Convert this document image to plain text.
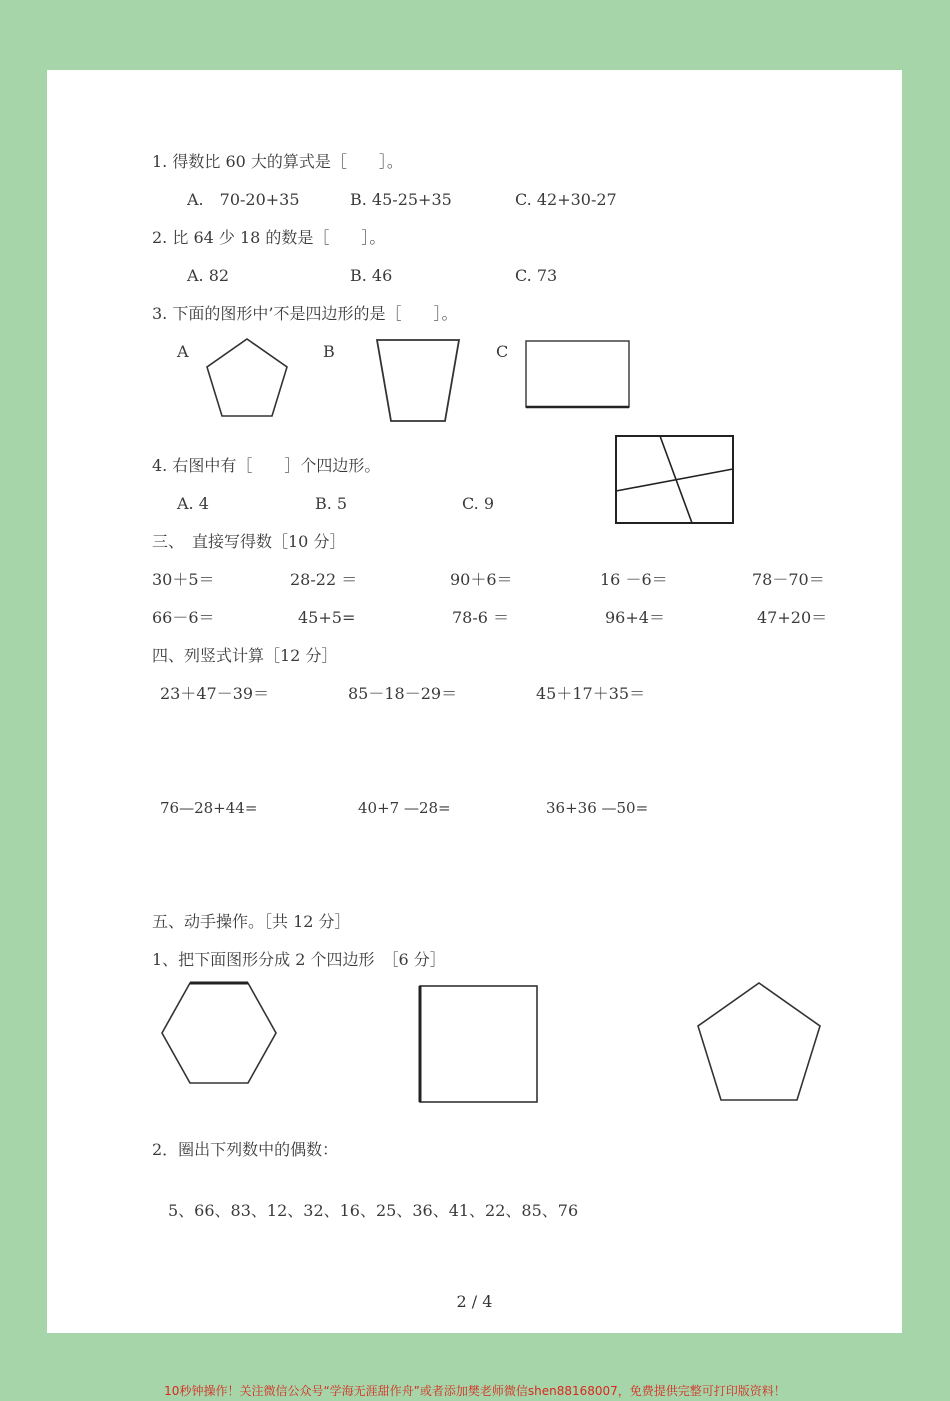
1. 得数比 60 大的算式是［　　］。
A.　70-20+35	B. 45-25+35	C. 42+30-27
2. 比 64 少 18 的数是［　　］。
A. 82	B. 46	C. 73
3. 下面的图形中’不是四边形的是［　　］。
A	B	C
4. 右图中有［　　］个四边形。
A. 4	B. 5	C. 9
三、　直接写得数［10 分］
30＋5＝	28-22 ＝	90＋6＝	16 －6＝	78－70＝
66－6＝	45+5=	78-6 ＝	96+4＝	47+20＝
四、列竖式计算［12 分］
23＋47－39＝	85－18－29＝	45＋17＋35＝
76—28+44=	40+7 —28=	36+36 —50=
五、动手操作。［共 12 分］
1、把下面图形分成 2 个四边形　［6 分］
2．圈出下列数中的偶数：
5、66、83、12、32、16、25、36、41、22、85、76
2 / 4
10秒钟操作！关注微信公众号“学海无涯甜作舟”或者添加樊老师微信shen88168007，免费提供完整可打印版资料！
